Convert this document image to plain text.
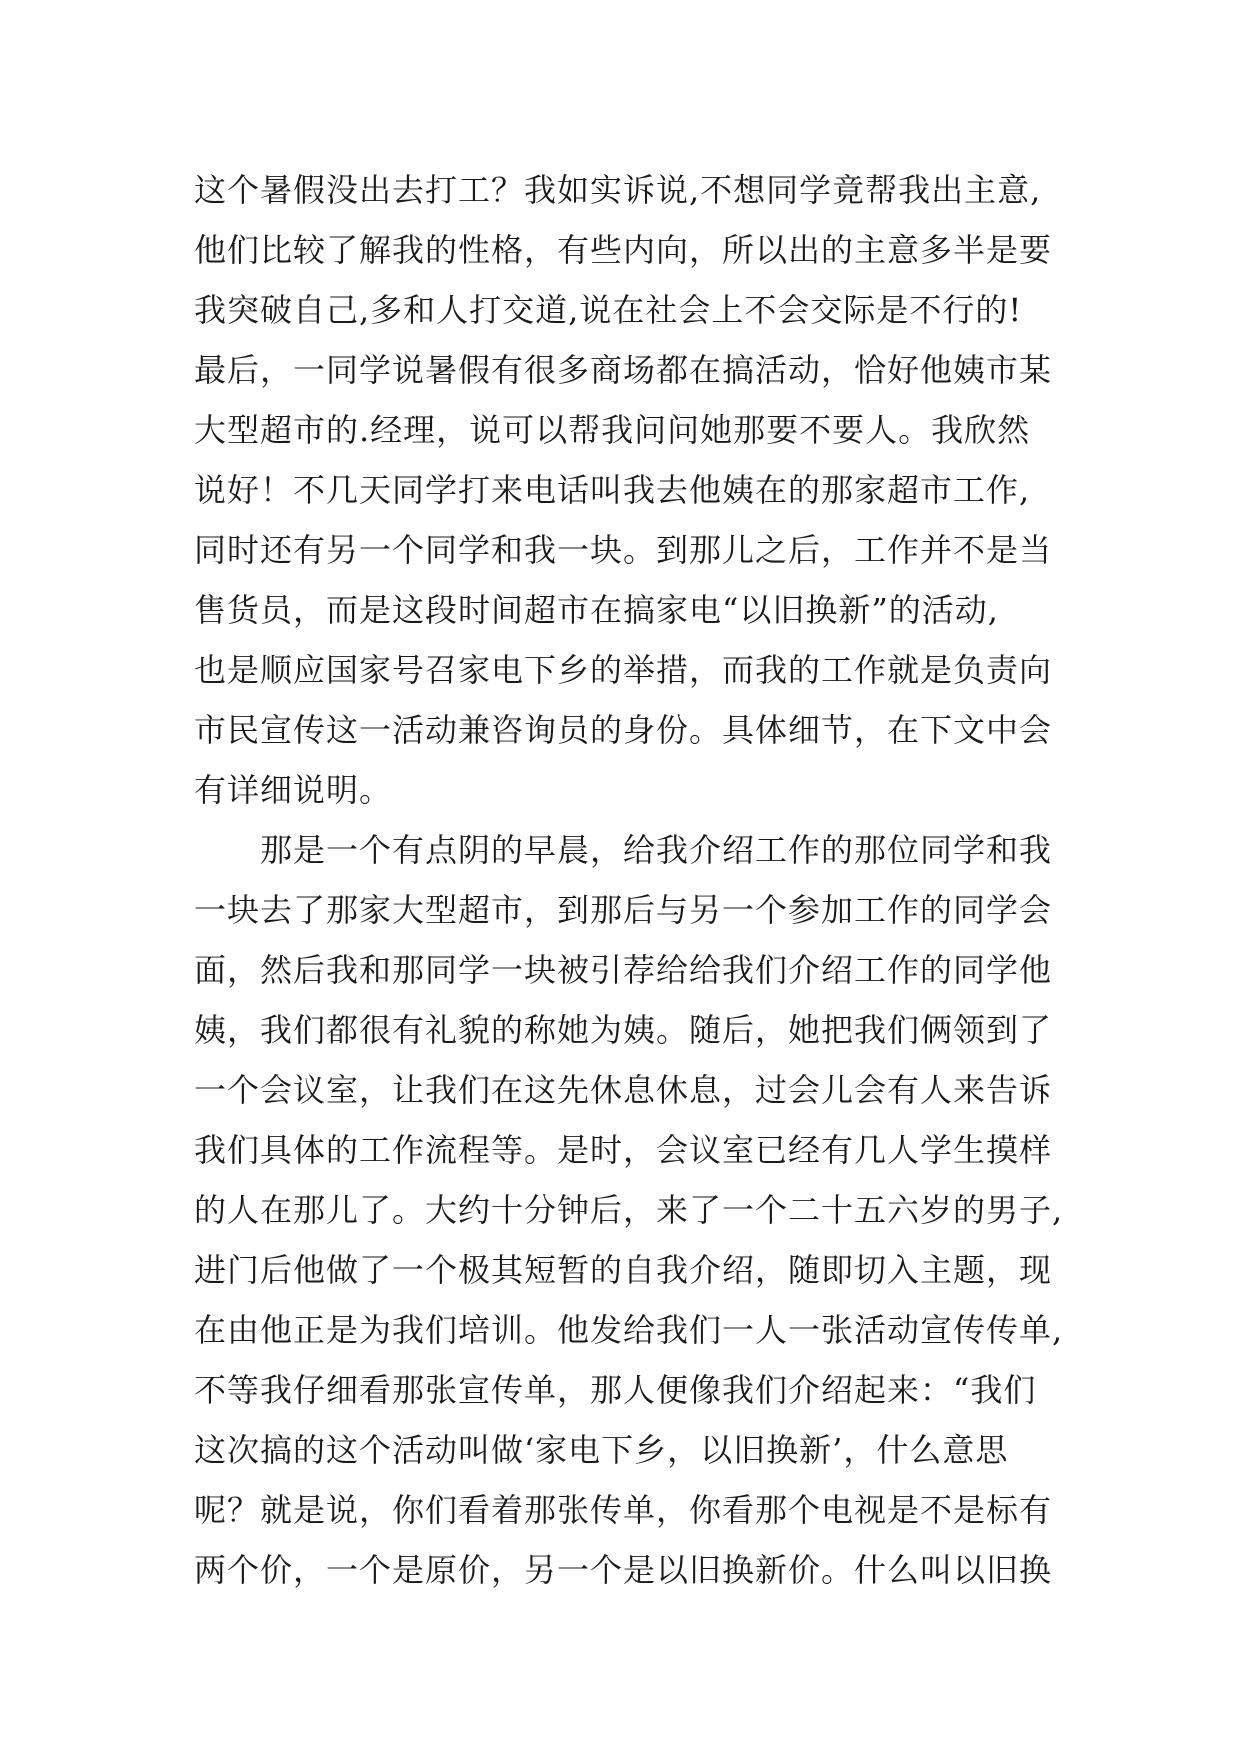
这个暑假没出去打工？我如实诉说,不想同学竟帮我出主意,
他们比较了解我的性格，有些内向，所以出的主意多半是要
我突破自己,多和人打交道,说在社会上不会交际是不行的!
最后，一同学说暑假有很多商场都在搞活动，恰好他姨市某
大型超市的.经理，说可以帮我问问她那要不要人。我欣然
说好！不几天同学打来电话叫我去他姨在的那家超市工作,
同时还有另一个同学和我一块。到那儿之后，工作并不是当
售货员，而是这段时间超市在搞家电“以旧换新”的活动,
也是顺应国家号召家电下乡的举措，而我的工作就是负责向
市民宣传这一活动兼咨询员的身份。具体细节，在下文中会
有详细说明。
　　那是一个有点阴的早晨，给我介绍工作的那位同学和我
一块去了那家大型超市，到那后与另一个参加工作的同学会
面，然后我和那同学一块被引荐给给我们介绍工作的同学他
姨，我们都很有礼貌的称她为姨。随后，她把我们俩领到了
一个会议室，让我们在这先休息休息，过会儿会有人来告诉
我们具体的工作流程等。是时，会议室已经有几人学生摸样
的人在那儿了。大约十分钟后，来了一个二十五六岁的男子,
进门后他做了一个极其短暂的自我介绍，随即切入主题，现
在由他正是为我们培训。他发给我们一人一张活动宣传传单,
不等我仔细看那张宣传单，那人便像我们介绍起来：“我们
这次搞的这个活动叫做‘家电下乡，以旧换新’，什么意思
呢？就是说，你们看着那张传单，你看那个电视是不是标有
两个价，一个是原价，另一个是以旧换新价。什么叫以旧换
